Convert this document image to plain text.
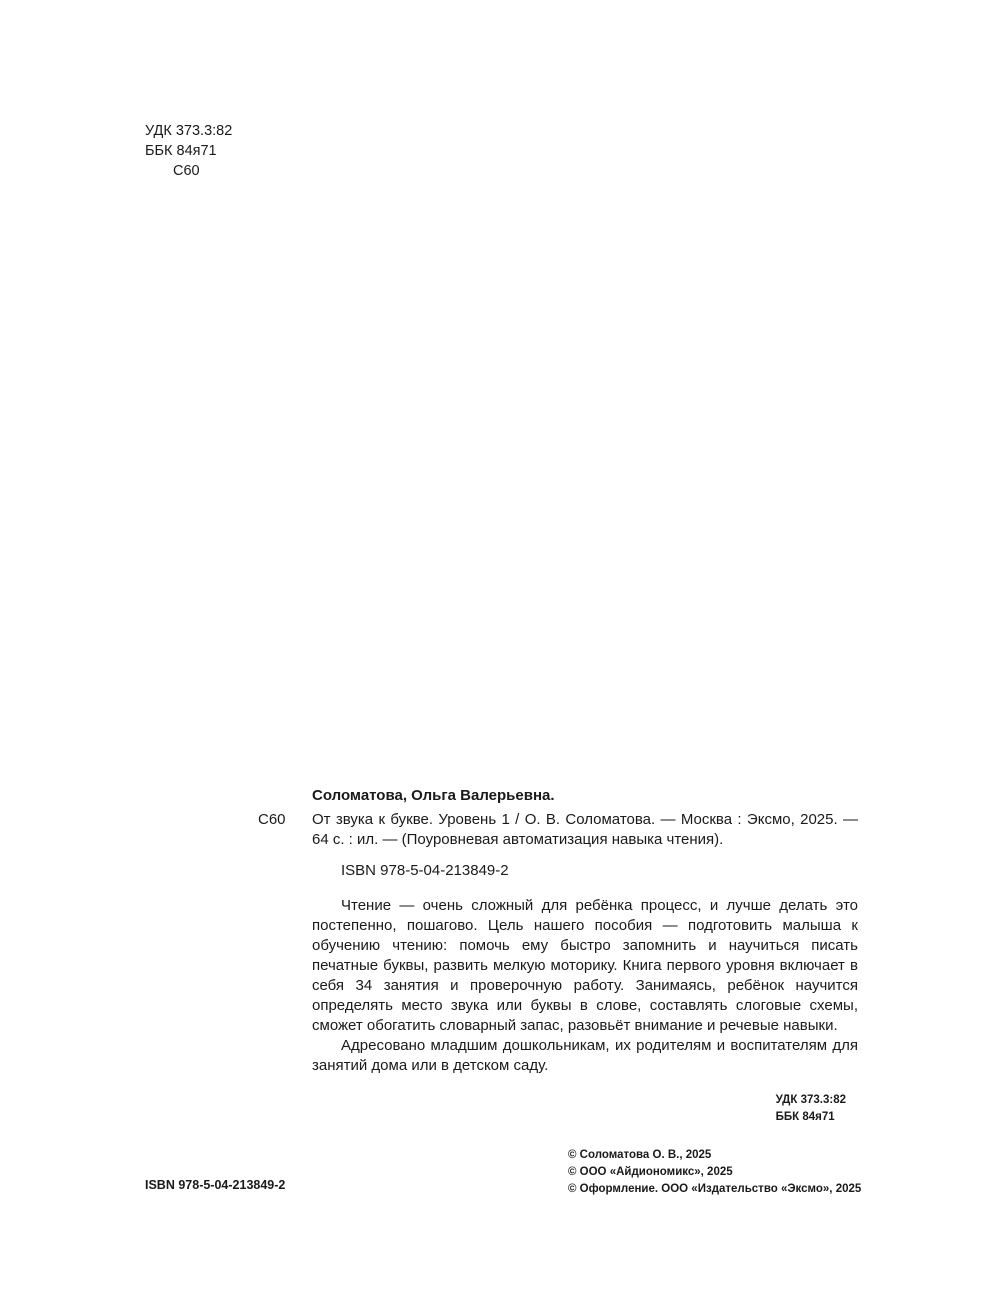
УДК 373.3:82
ББК 84я71
С60
Соломатова, Ольга Валерьевна.
С60	От звука к букве. Уровень 1 / О. В. Соломатова. — Москва : Эксмо, 2025. — 64 с. : ил. — (Поуровневая автоматизация навыка чтения).
ISBN 978-5-04-213849-2

Чтение — очень сложный для ребёнка процесс, и лучше делать это постепенно, пошагово. Цель нашего пособия — подготовить малыша к обучению чтению: помочь ему быстро запомнить и научиться писать печатные буквы, развить мелкую моторику. Книга первого уровня включает в себя 34 занятия и проверочную работу. Занимаясь, ребёнок научится определять место звука или буквы в слове, составлять слоговые схемы, сможет обогатить словарный запас, разовьёт внимание и речевые навыки.

Адресовано младшим дошкольникам, их родителям и воспитателям для занятий дома или в детском саду.

УДК 373.3:82
ББК 84я71
© Соломатова О. В., 2025
© ООО «Айдиономикс», 2025
© Оформление. ООО «Издательство «Эксмо», 2025
ISBN 978-5-04-213849-2
